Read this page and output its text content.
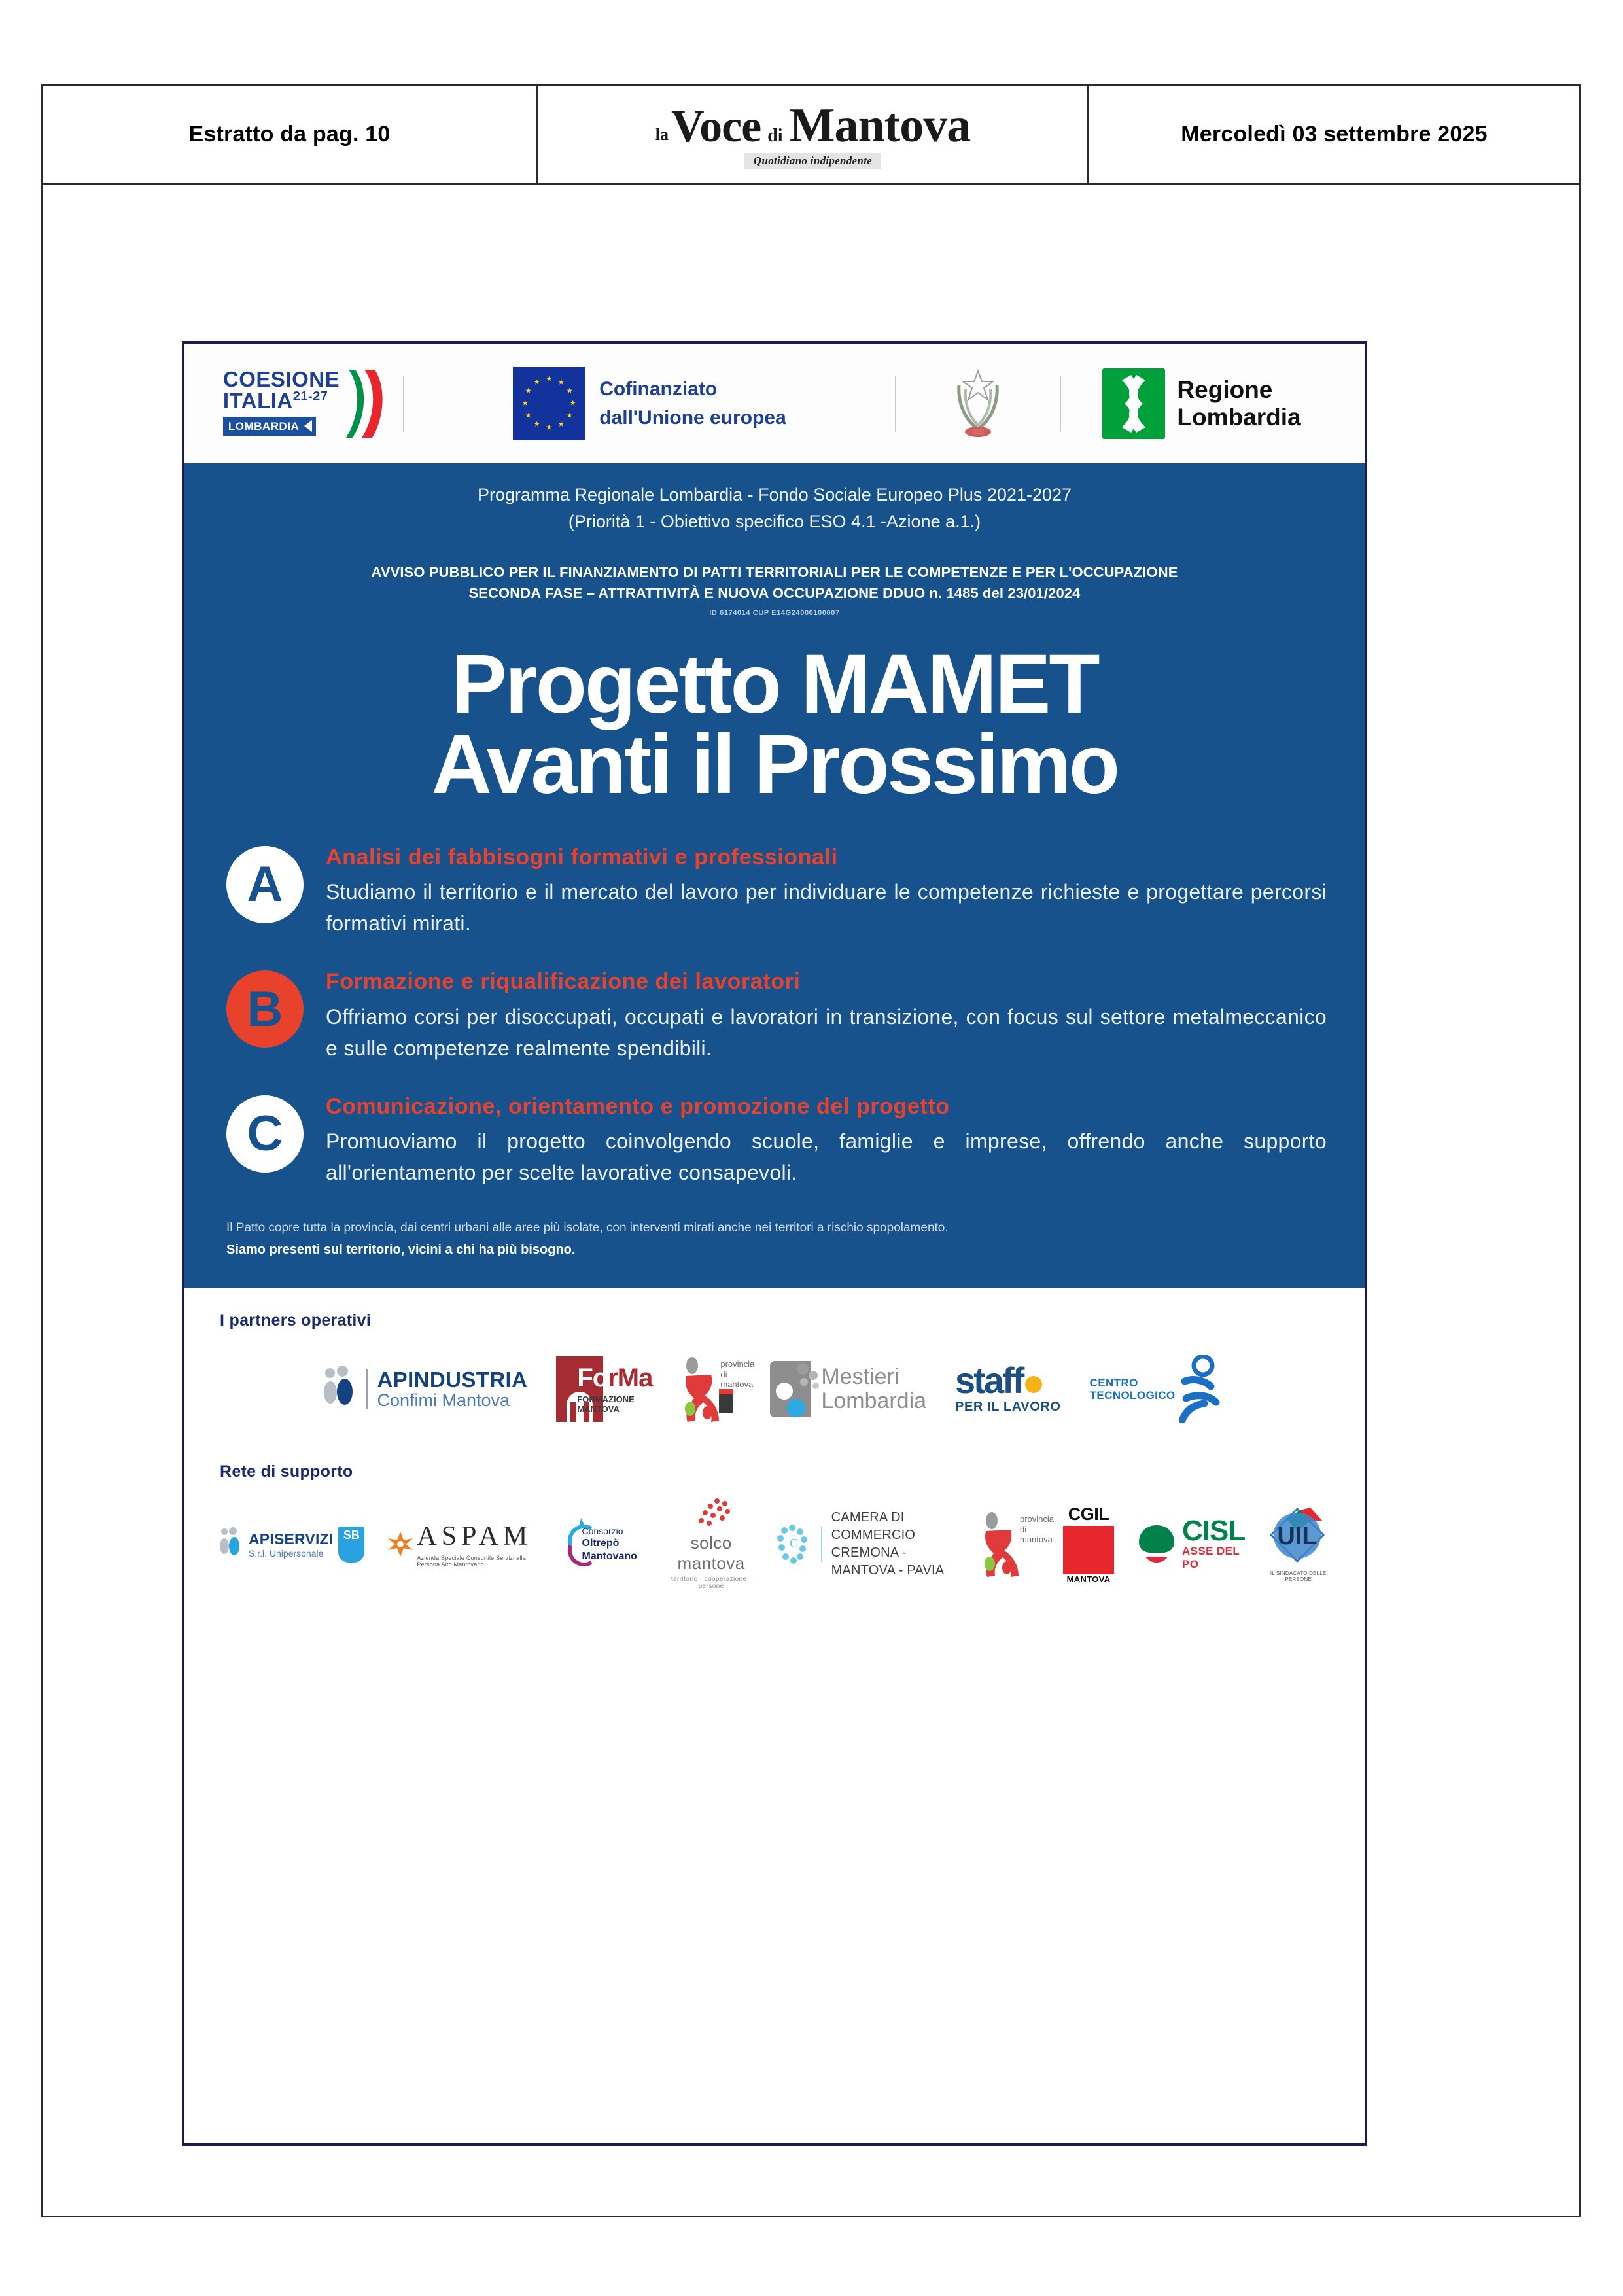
Estratto da pag. 10	la Voce di Mantova
Quotidiano indipendente
Mercoledì 03 settembre 2025
COESIONE
ITALIA$^{21-27}$
LOMBARDIA
Cofinanziato
dall'Unione europea
Regione
Lombardia
Programma Regionale Lombardia - Fondo Sociale Europeo Plus 2021-2027
(Priorità 1 - Obiettivo specifico ESO 4.1 -Azione a.1.)
AVVISO PUBBLICO PER IL FINANZIAMENTO DI PATTI TERRITORIALI PER LE COMPETENZE E PER L'OCCUPAZIONE
SECONDA FASE – ATTRATTIVITÀ E NUOVA OCCUPAZIONE DDUO n. 1485 del 23/01/2024
ID 6174014 CUP E14G24000100007
Progetto MAMET
Avanti il Prossimo
A	Analisi dei fabbisogni formativi e professionali
Studiamo il territorio e il mercato del lavoro per individuare le competenze richieste e progettare percorsi formativi mirati.
B	Formazione e riqualificazione dei lavoratori
Offriamo corsi per disoccupati, occupati e lavoratori in transizione, con focus sul settore metalmeccanico e sulle competenze realmente spendibili.
C	Comunicazione, orientamento e promozione del progetto
Promuoviamo il progetto coinvolgendo scuole, famiglie e imprese, offrendo anche supporto all'orientamento per scelte lavorative consapevoli.
Il Patto copre tutta la provincia, dai centri urbani alle aree più isolate, con interventi mirati anche nei territori a rischio spopolamento.
Siamo presenti sul territorio, vicini a chi ha più bisogno.
I partners operativi
APINDUSTRIA
Confimi Mantova
ForMa
FORMAZIONE
MANTOVA
provincia
di mantova	Mestieri
Lombardia
staff
PER IL LAVORO
CENTRO
TECNOLOGICO
Rete di supporto
APISERVIZI
S.r.l. Unipersonale
SB ASPAM
Azienda Speciale Consortile Servizi alla Persona Alto Mantovano
Consorzio
Oltrepò Mantovano
solco mantova
territorio · cooperazione · persone
C
CAMERA DI COMMERCIO
CREMONA - MANTOVA - PAVIA
provincia
di mantova
CGIL
MANTOVA
CISL
ASSE DEL PO
UIL
IL SINDACATO DELLE PERSONE
